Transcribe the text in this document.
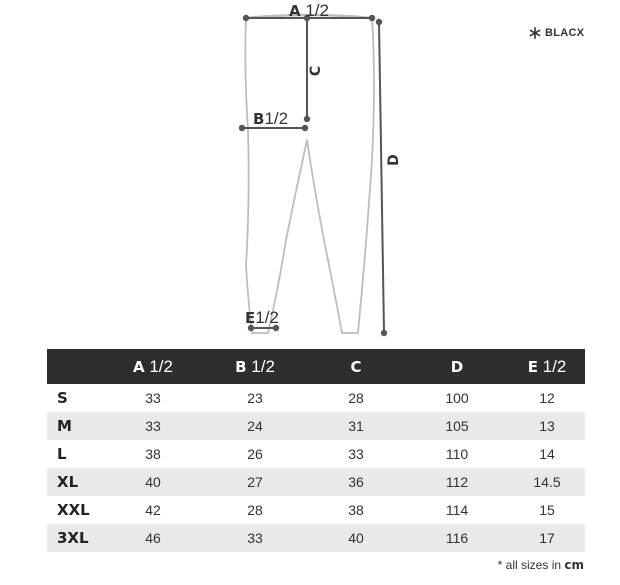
A 1/2
B1/2
C
D
E1/2
BLACX
	A 1/2	B 1/2	C	D	E 1/2
S	33	23	28	100	12
M	33	24	31	105	13
L	38	26	33	110	14
XL	40	27	36	112	14.5
XXL	42	28	38	114	15
3XL	46	33	40	116	17
* all sizes in cm
